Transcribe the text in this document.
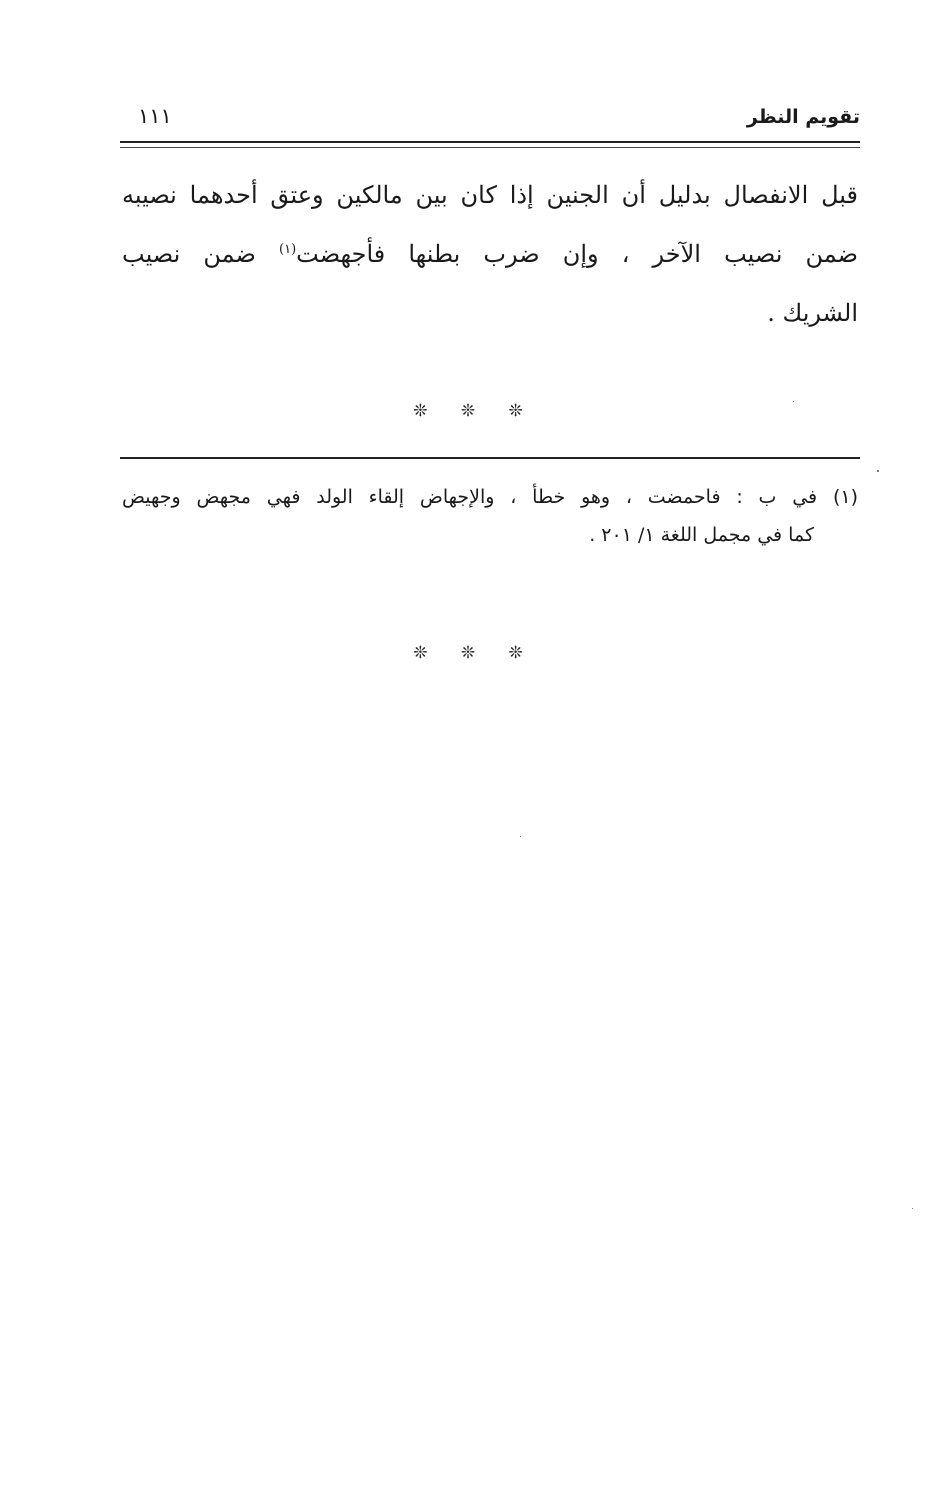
تقويم النظر
١١١
قبل الانفصال بدليل أن الجنين إذا كان بين مالكين وعتق أحدهما نصيبه
ضمن نصيب الآخر ، وإن ضرب بطنها فأجهضت$^{(١)}$ ضمن نصيب
الشريك .
❊ ❊ ❊
(١) في ب : فاحمضت ، وهو خطأ ، والإجهاض إلقاء الولد فهي مجهض وجهيض
كما في مجمل اللغة ١/ ٢٠١ .
❊ ❊ ❊
